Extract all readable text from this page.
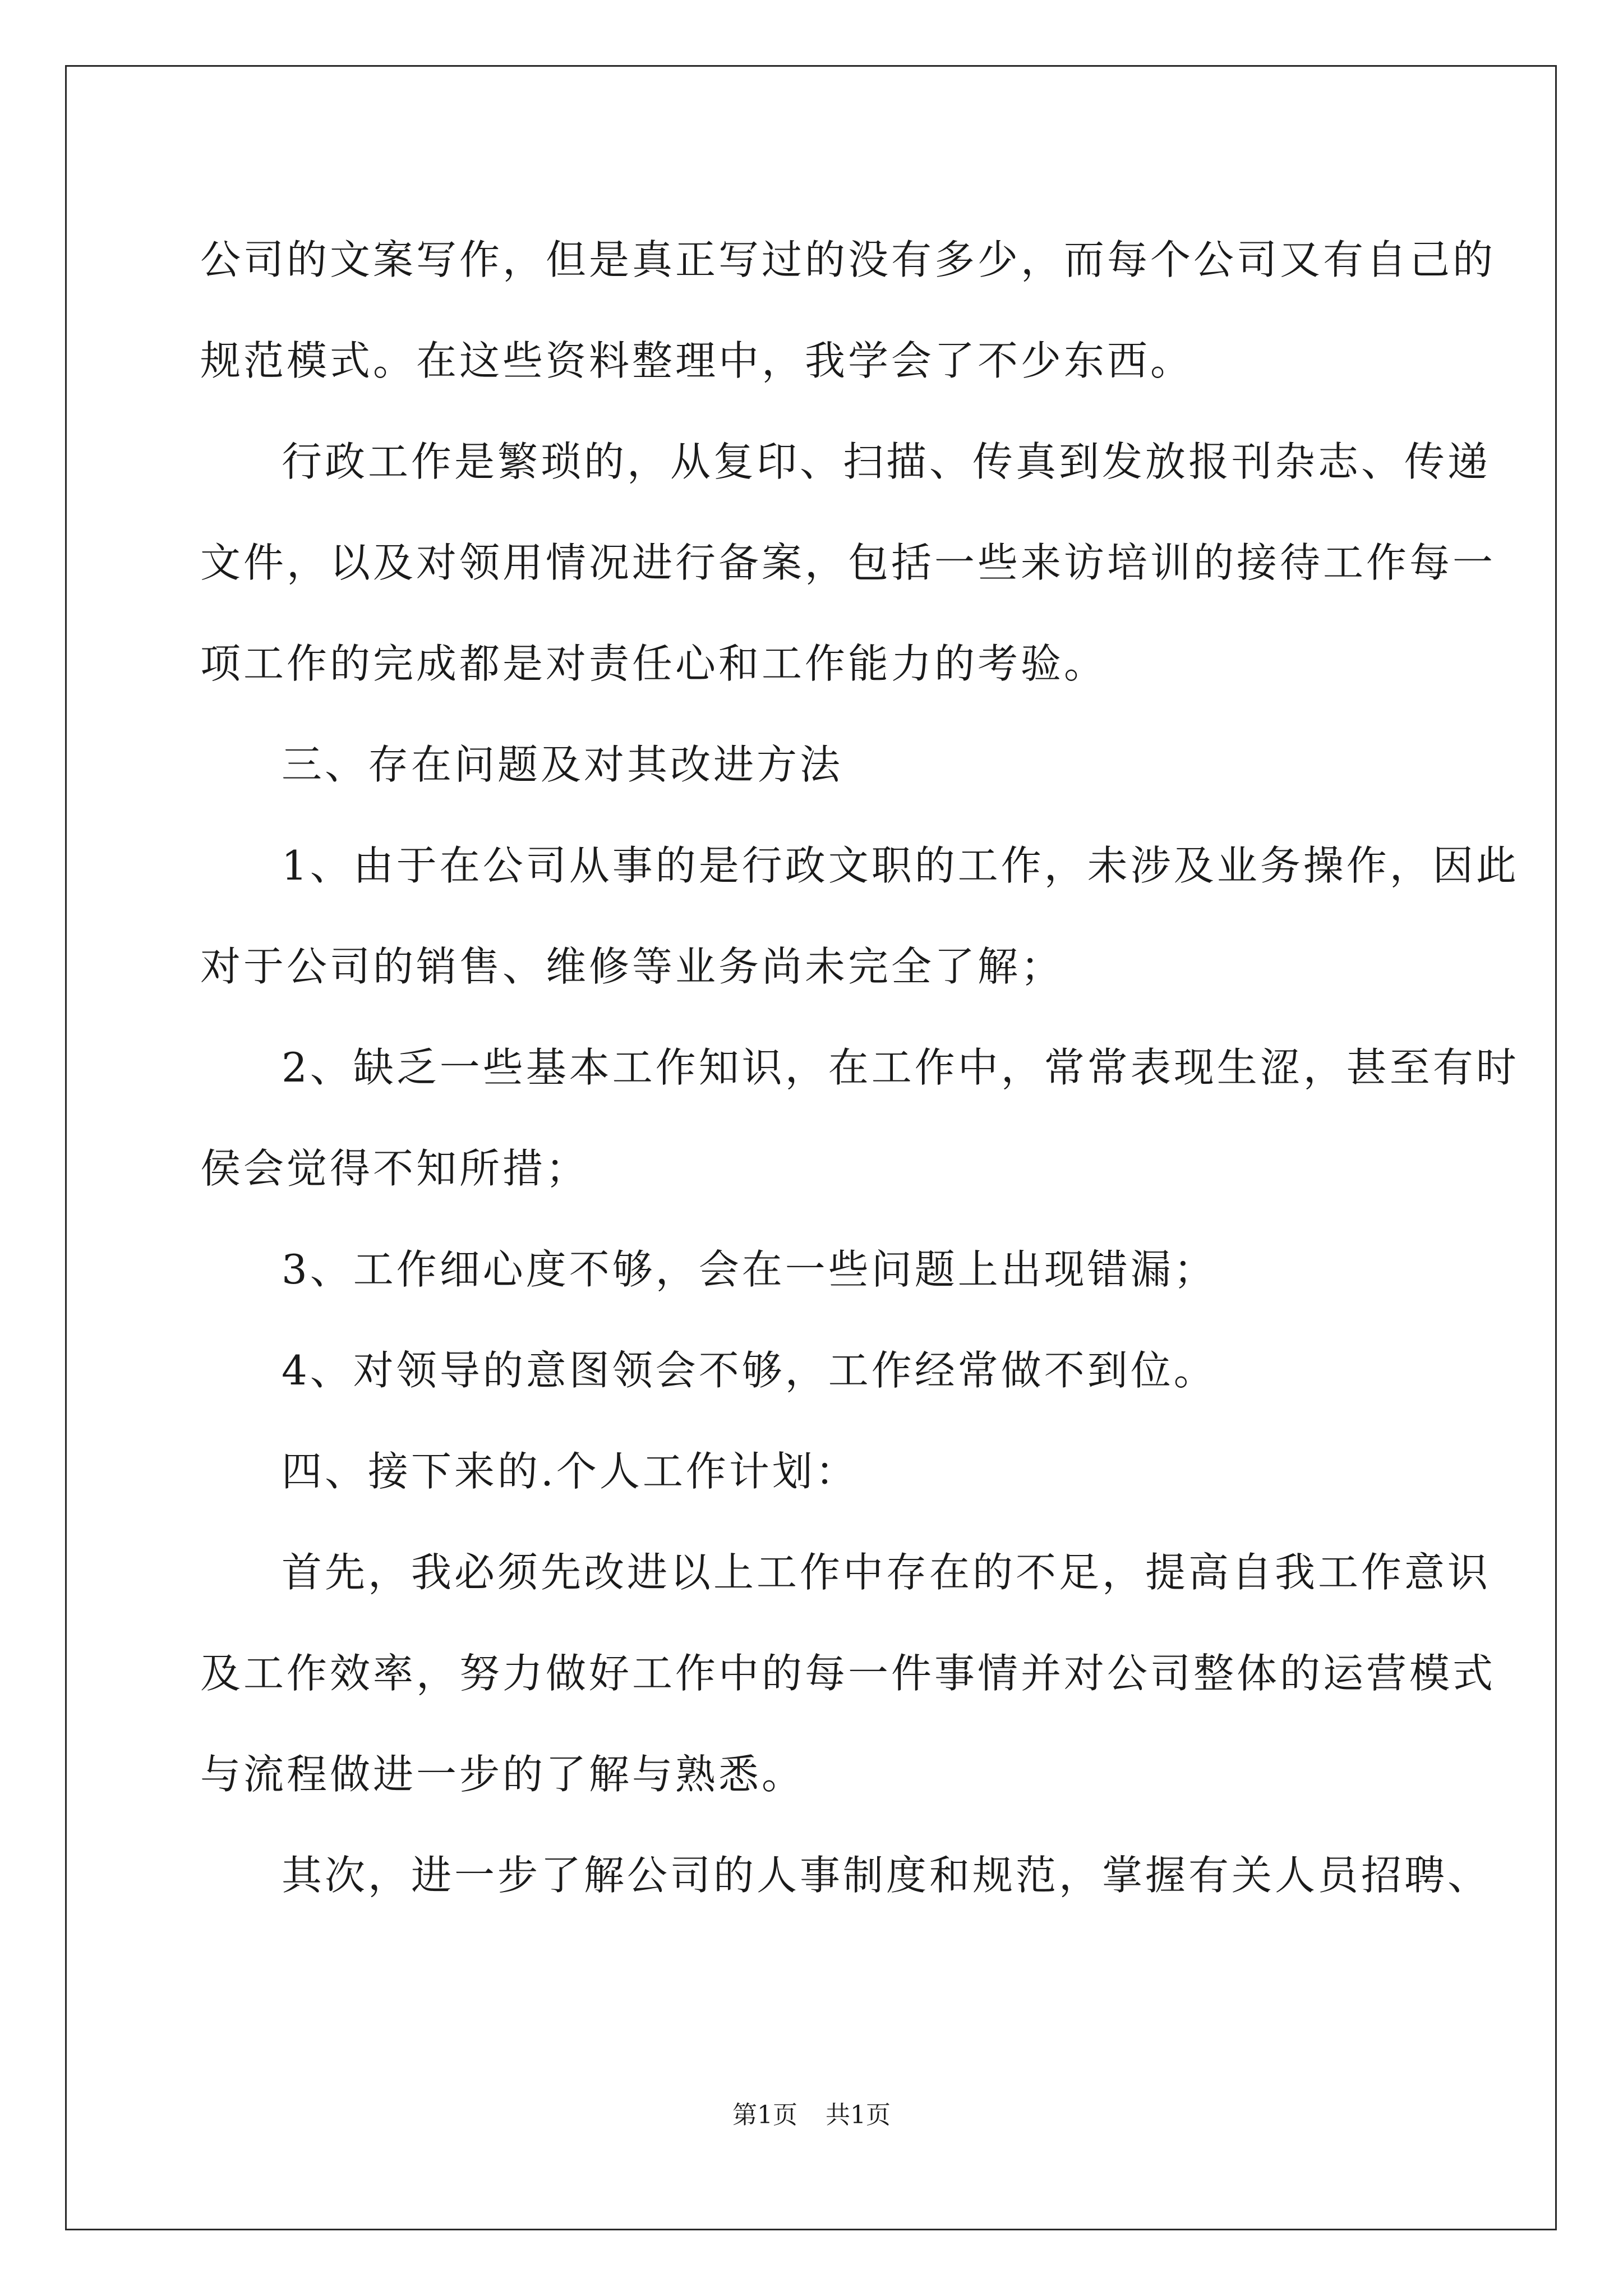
公司的文案写作，但是真正写过的没有多少，而每个公司又有自己的

规范模式。在这些资料整理中，我学会了不少东西。

行政工作是繁琐的，从复印、扫描、传真到发放报刊杂志、传递

文件，以及对领用情况进行备案，包括一些来访培训的接待工作每一

项工作的完成都是对责任心和工作能力的考验。

三、存在问题及对其改进方法

1、由于在公司从事的是行政文职的工作，未涉及业务操作，因此

对于公司的销售、维修等业务尚未完全了解；

2、缺乏一些基本工作知识，在工作中，常常表现生涩，甚至有时

侯会觉得不知所措；

3、工作细心度不够，会在一些问题上出现错漏；

4、对领导的意图领会不够，工作经常做不到位。

四、接下来的.个人工作计划：

首先，我必须先改进以上工作中存在的不足，提高自我工作意识

及工作效率，努力做好工作中的每一件事情并对公司整体的运营模式

与流程做进一步的了解与熟悉。

其次，进一步了解公司的人事制度和规范，掌握有关人员招聘、

第1页 共1页
